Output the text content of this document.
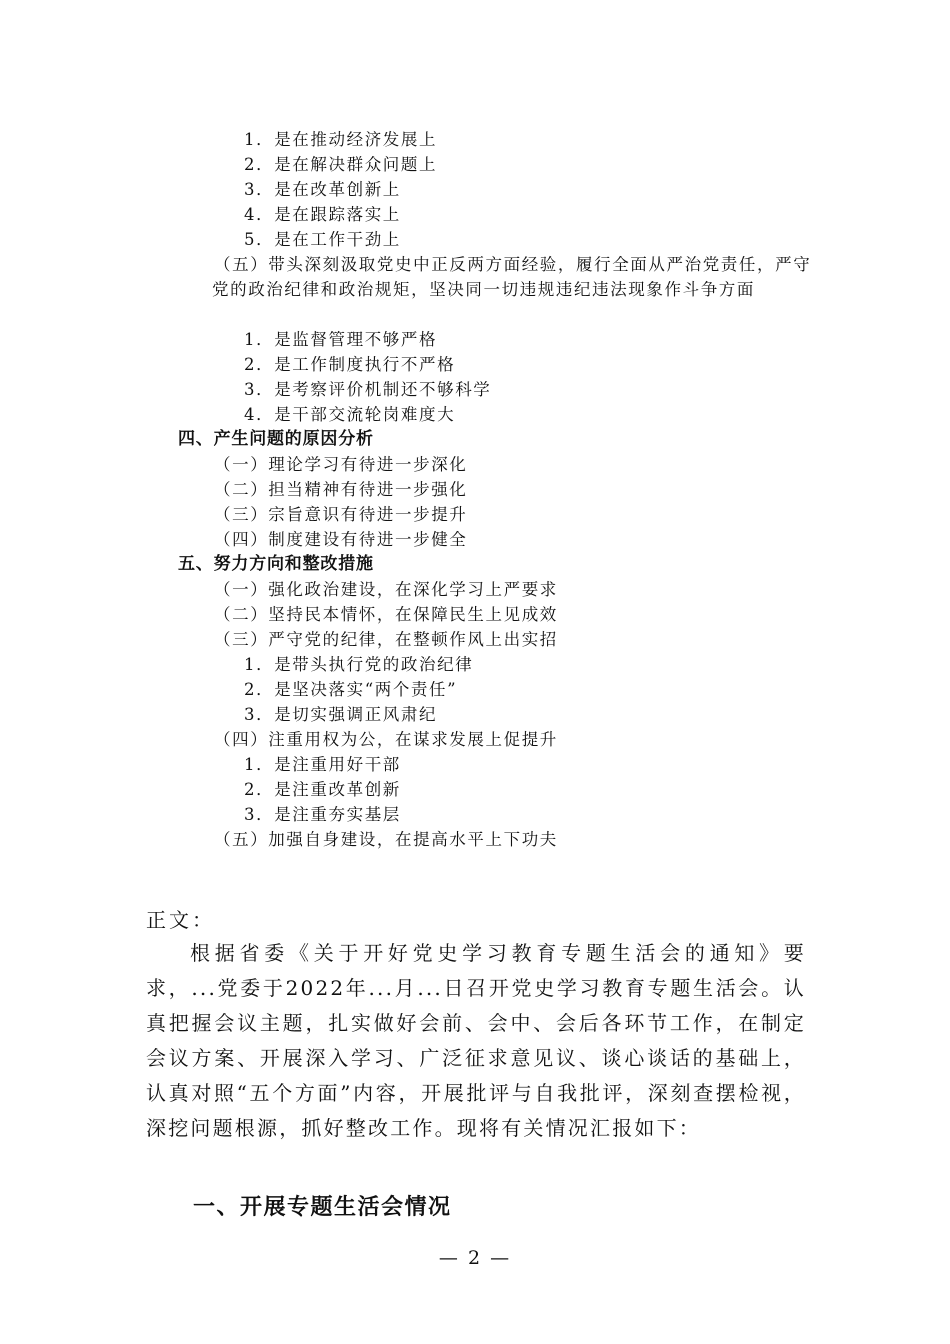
1．是在推动经济发展上
2．是在解决群众问题上
3．是在改革创新上
4．是在跟踪落实上
5．是在工作干劲上
（五）带头深刻汲取党史中正反两方面经验，履行全面从严治党责任，严守党的政治纪律和政治规矩，坚决同一切违规违纪违法现象作斗争方面
1．是监督管理不够严格
2．是工作制度执行不严格
3．是考察评价机制还不够科学
4．是干部交流轮岗难度大
四、产生问题的原因分析
（一）理论学习有待进一步深化
（二）担当精神有待进一步强化
（三）宗旨意识有待进一步提升
（四）制度建设有待进一步健全
五、努力方向和整改措施
（一）强化政治建设，在深化学习上严要求
（二）坚持民本情怀，在保障民生上见成效
（三）严守党的纪律，在整顿作风上出实招
1．是带头执行党的政治纪律
2．是坚决落实“两个责任”
3．是切实强调正风肃纪
（四）注重用权为公，在谋求发展上促提升
1．是注重用好干部
2．是注重改革创新
3．是注重夯实基层
（五）加强自身建设，在提高水平上下功夫
正文：
根据省委《关于开好党史学习教育专题生活会的通知》要求，...党委于2022年...月...日召开党史学习教育专题生活会。认真把握会议主题，扎实做好会前、会中、会后各环节工作，在制定会议方案、开展深入学习、广泛征求意见议、谈心谈话的基础上，认真对照“五个方面”内容，开展批评与自我批评，深刻查摆检视，深挖问题根源，抓好整改工作。现将有关情况汇报如下：
一、开展专题生活会情况
— 2 —
